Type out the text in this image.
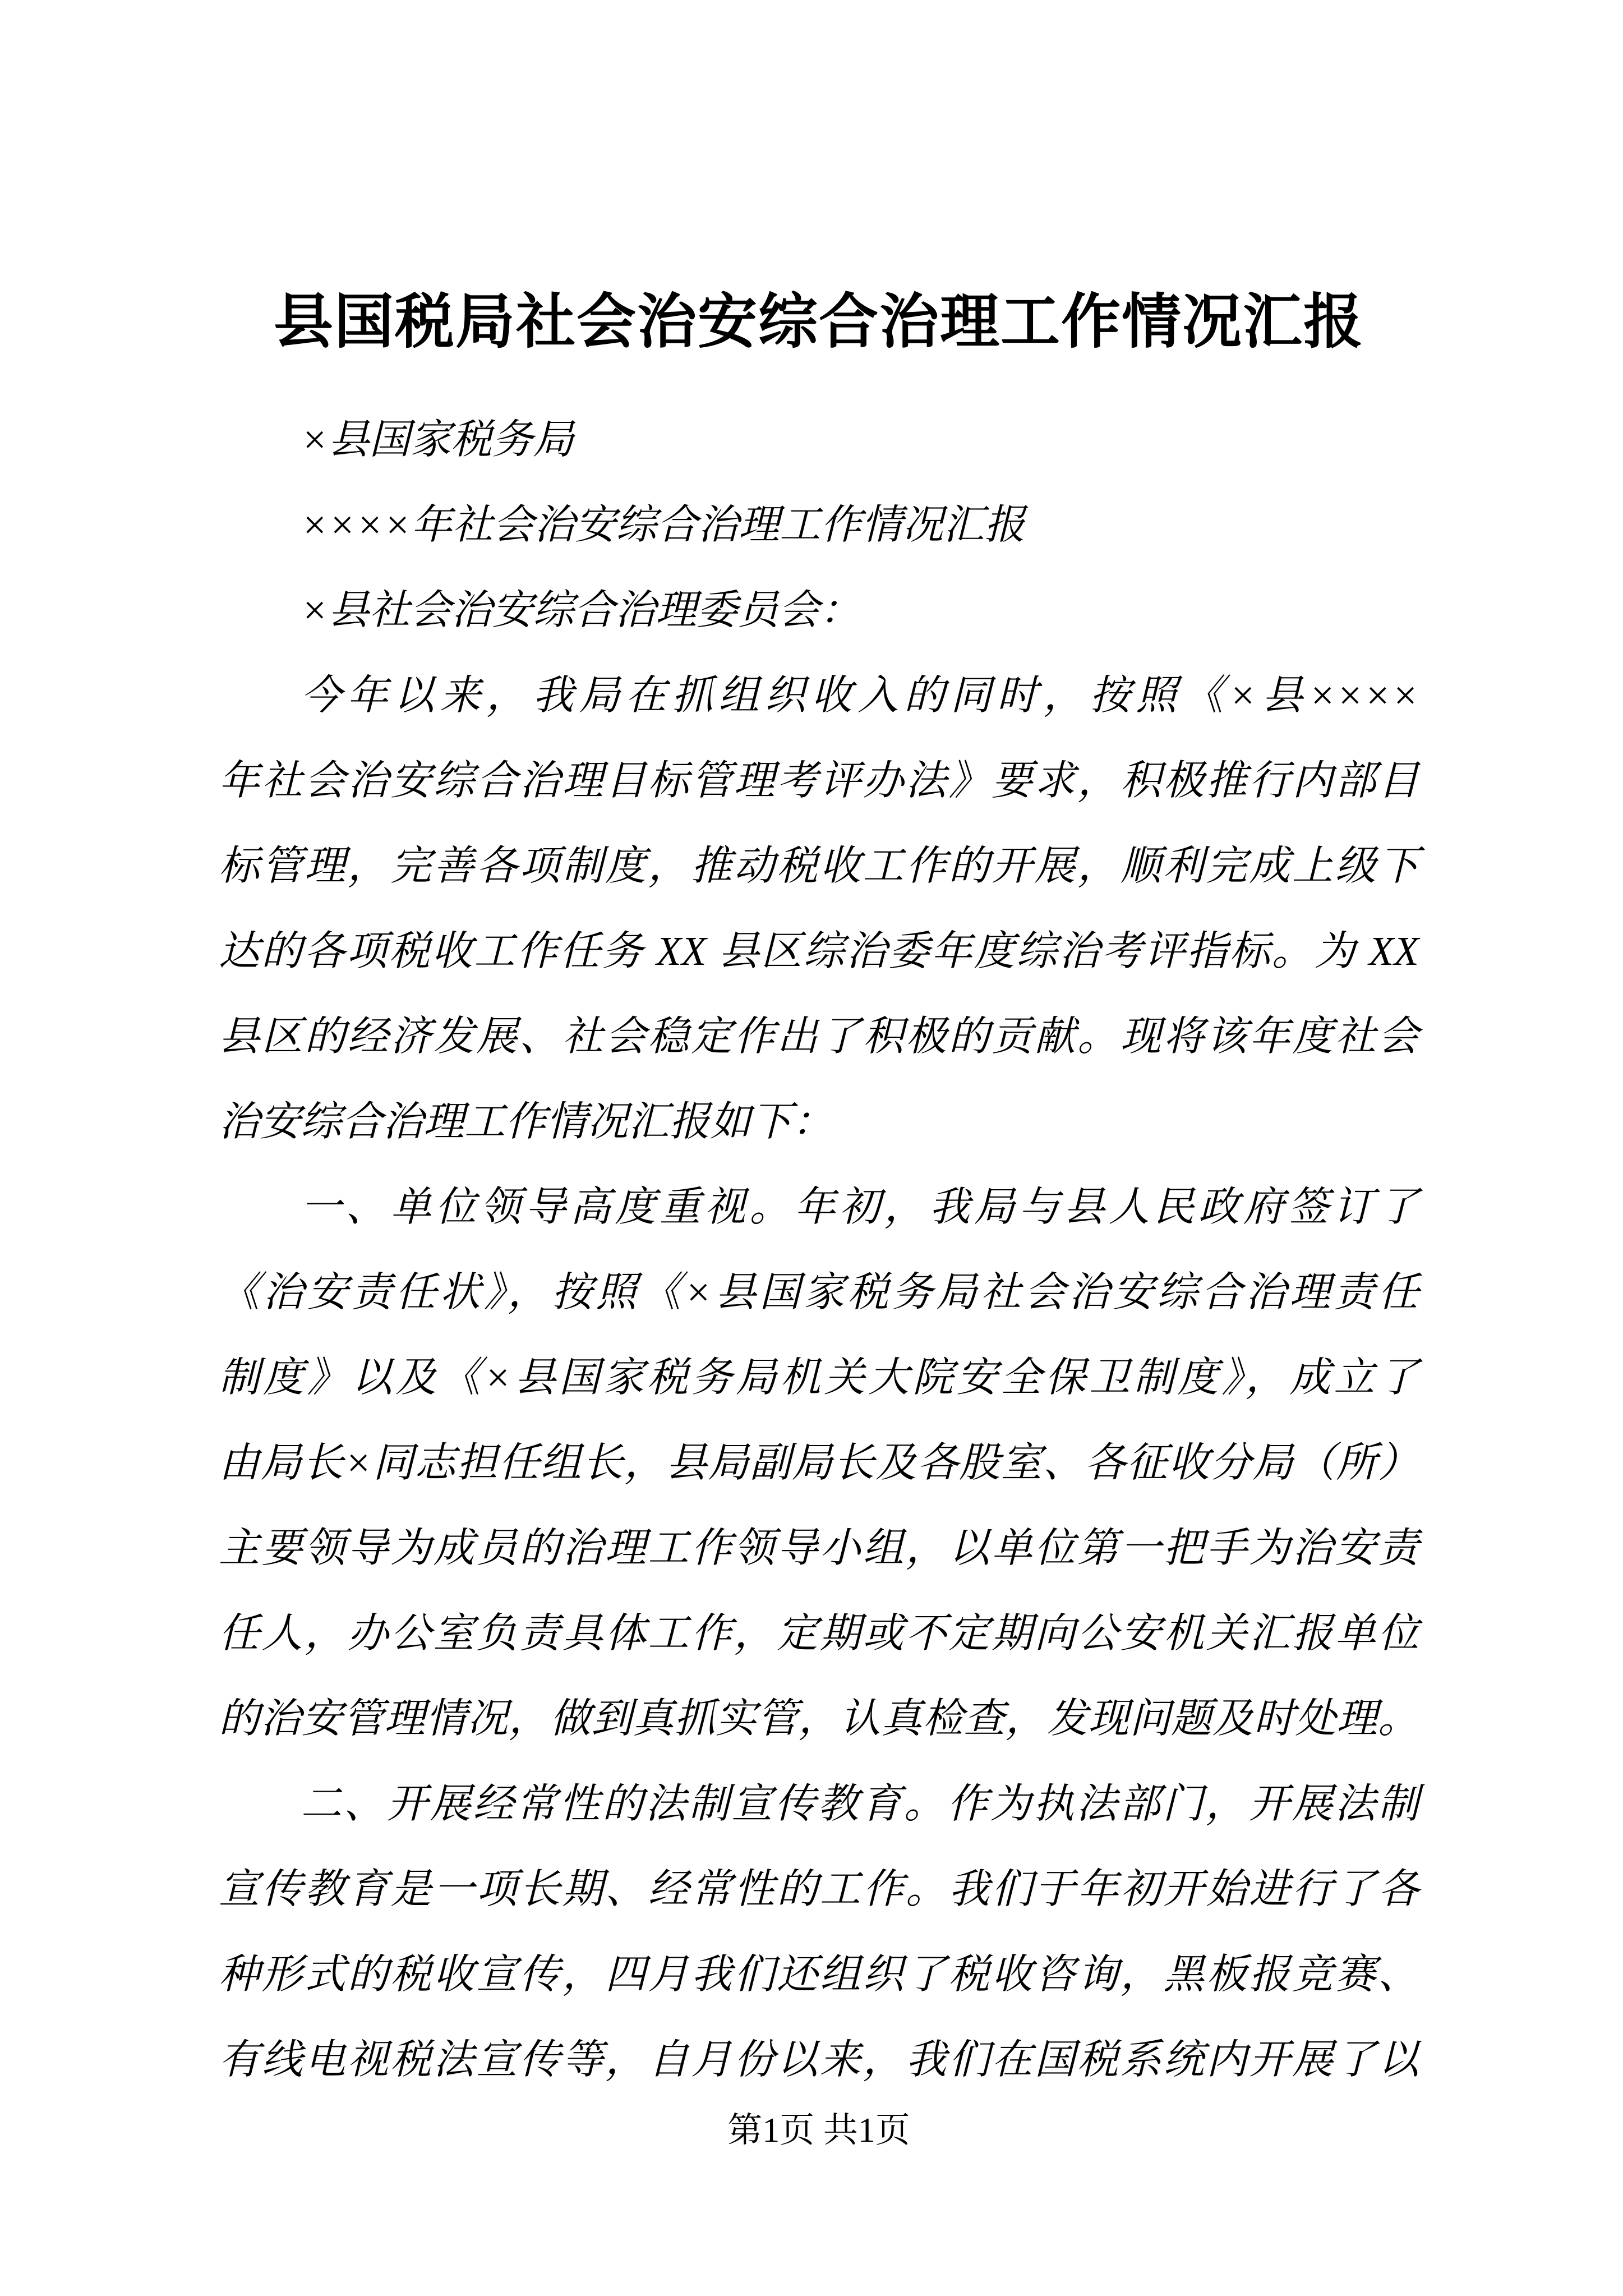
县国税局社会治安综合治理工作情况汇报
×县国家税务局
××××年社会治安综合治理工作情况汇报
×县社会治安综合治理委员会：
今年以来，我局在抓组织收入的同时，按照《×县××××
年社会治安综合治理目标管理考评办法》要求，积极推行内部目
标管理，完善各项制度，推动税收工作的开展，顺利完成上级下
达的各项税收工作任务 XX 县区综治委年度综治考评指标。为 XX
县区的经济发展、社会稳定作出了积极的贡献。现将该年度社会
治安综合治理工作情况汇报如下：
一、单位领导高度重视。年初，我局与县人民政府签订了
《治安责任状》，按照《×县国家税务局社会治安综合治理责任
制度》以及《×县国家税务局机关大院安全保卫制度》，成立了
由局长×同志担任组长，县局副局长及各股室、各征收分局（所）
主要领导为成员的治理工作领导小组，以单位第一把手为治安责
任人，办公室负责具体工作，定期或不定期向公安机关汇报单位
的治安管理情况，做到真抓实管，认真检查，发现问题及时处理。
二、开展经常性的法制宣传教育。作为执法部门，开展法制
宣传教育是一项长期、经常性的工作。我们于年初开始进行了各
种形式的税收宣传，四月我们还组织了税收咨询，黑板报竞赛、
有线电视税法宣传等，自月份以来，我们在国税系统内开展了以
第1页 共1页
